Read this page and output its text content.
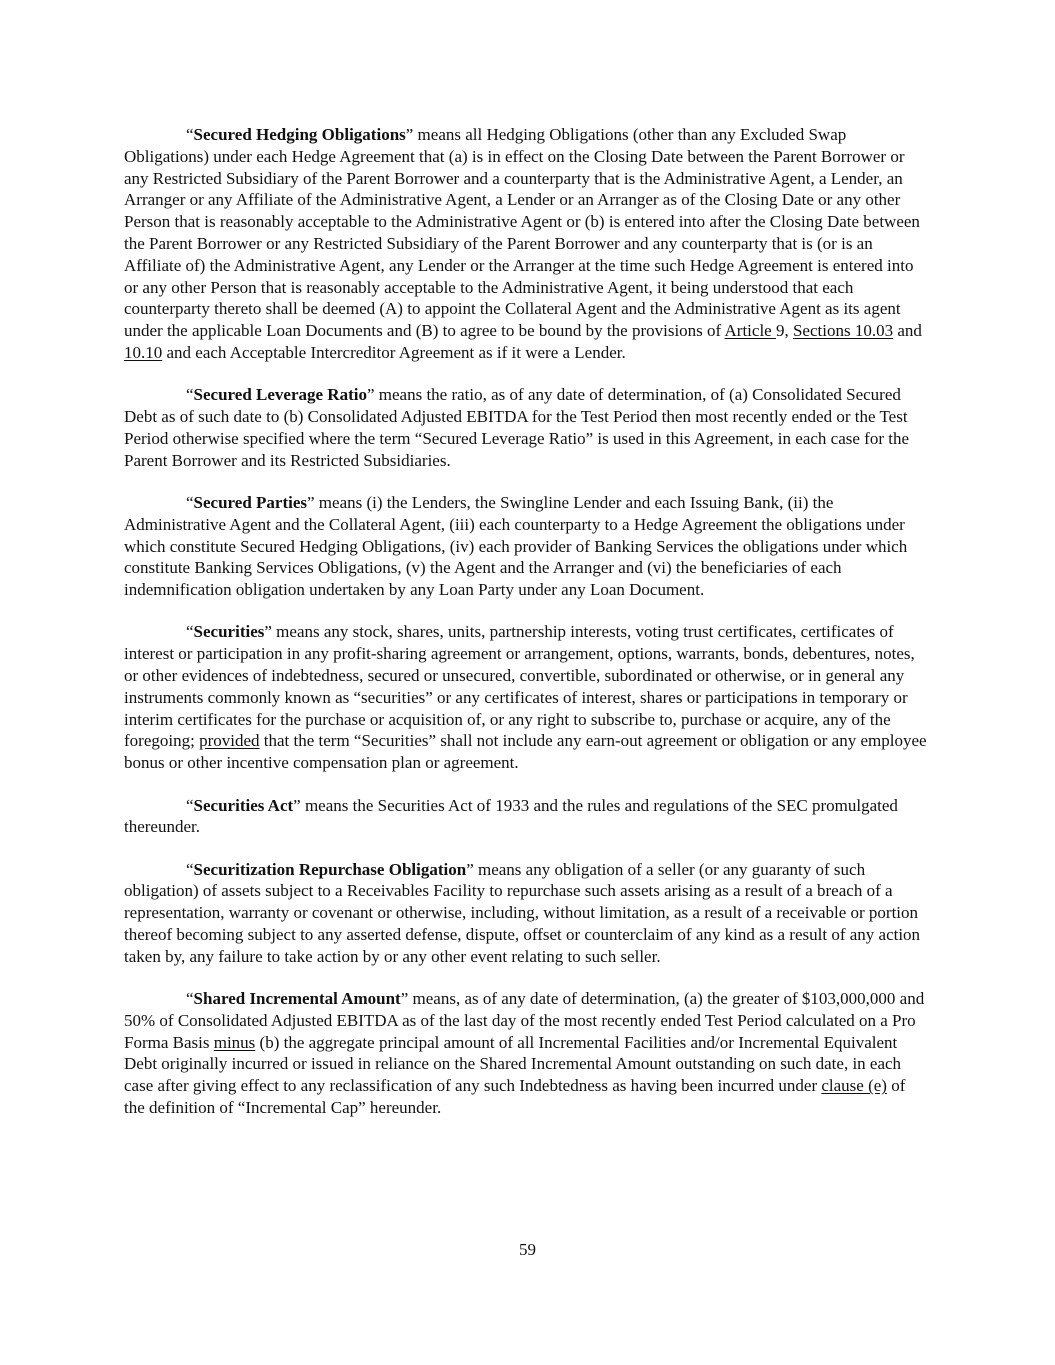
“Secured Hedging Obligations” means all Hedging Obligations (other than any Excluded Swap Obligations) under each Hedge Agreement that (a) is in effect on the Closing Date between the Parent Borrower or any Restricted Subsidiary of the Parent Borrower and a counterparty that is the Administrative Agent, a Lender, an Arranger or any Affiliate of the Administrative Agent, a Lender or an Arranger as of the Closing Date or any other Person that is reasonably acceptable to the Administrative Agent or (b) is entered into after the Closing Date between the Parent Borrower or any Restricted Subsidiary of the Parent Borrower and any counterparty that is (or is an Affiliate of) the Administrative Agent, any Lender or the Arranger at the time such Hedge Agreement is entered into or any other Person that is reasonably acceptable to the Administrative Agent, it being understood that each counterparty thereto shall be deemed (A) to appoint the Collateral Agent and the Administrative Agent as its agent under the applicable Loan Documents and (B) to agree to be bound by the provisions of Article 9, Sections 10.03 and 10.10 and each Acceptable Intercreditor Agreement as if it were a Lender.

“Secured Leverage Ratio” means the ratio, as of any date of determination, of (a) Consolidated Secured Debt as of such date to (b) Consolidated Adjusted EBITDA for the Test Period then most recently ended or the Test Period otherwise specified where the term “Secured Leverage Ratio” is used in this Agreement, in each case for the Parent Borrower and its Restricted Subsidiaries.

“Secured Parties” means (i) the Lenders, the Swingline Lender and each Issuing Bank, (ii) the Administrative Agent and the Collateral Agent, (iii) each counterparty to a Hedge Agreement the obligations under which constitute Secured Hedging Obligations, (iv) each provider of Banking Services the obligations under which constitute Banking Services Obligations, (v) the Agent and the Arranger and (vi) the beneficiaries of each indemnification obligation undertaken by any Loan Party under any Loan Document.

“Securities” means any stock, shares, units, partnership interests, voting trust certificates, certificates of interest or participation in any profit-sharing agreement or arrangement, options, warrants, bonds, debentures, notes, or other evidences of indebtedness, secured or unsecured, convertible, subordinated or otherwise, or in general any instruments commonly known as “securities” or any certificates of interest, shares or participations in temporary or interim certificates for the purchase or acquisition of, or any right to subscribe to, purchase or acquire, any of the foregoing; provided that the term “Securities” shall not include any earn-out agreement or obligation or any employee bonus or other incentive compensation plan or agreement.

“Securities Act” means the Securities Act of 1933 and the rules and regulations of the SEC promulgated thereunder.

“Securitization Repurchase Obligation” means any obligation of a seller (or any guaranty of such obligation) of assets subject to a Receivables Facility to repurchase such assets arising as a result of a breach of a representation, warranty or covenant or otherwise, including, without limitation, as a result of a receivable or portion thereof becoming subject to any asserted defense, dispute, offset or counterclaim of any kind as a result of any action taken by, any failure to take action by or any other event relating to such seller.

“Shared Incremental Amount” means, as of any date of determination, (a) the greater of $103,000,000 and 50% of Consolidated Adjusted EBITDA as of the last day of the most recently ended Test Period calculated on a Pro Forma Basis minus (b) the aggregate principal amount of all Incremental Facilities and/or Incremental Equivalent Debt originally incurred or issued in reliance on the Shared Incremental Amount outstanding on such date, in each case after giving effect to any reclassification of any such Indebtedness as having been incurred under clause (e) of the definition of “Incremental Cap” hereunder.

59
